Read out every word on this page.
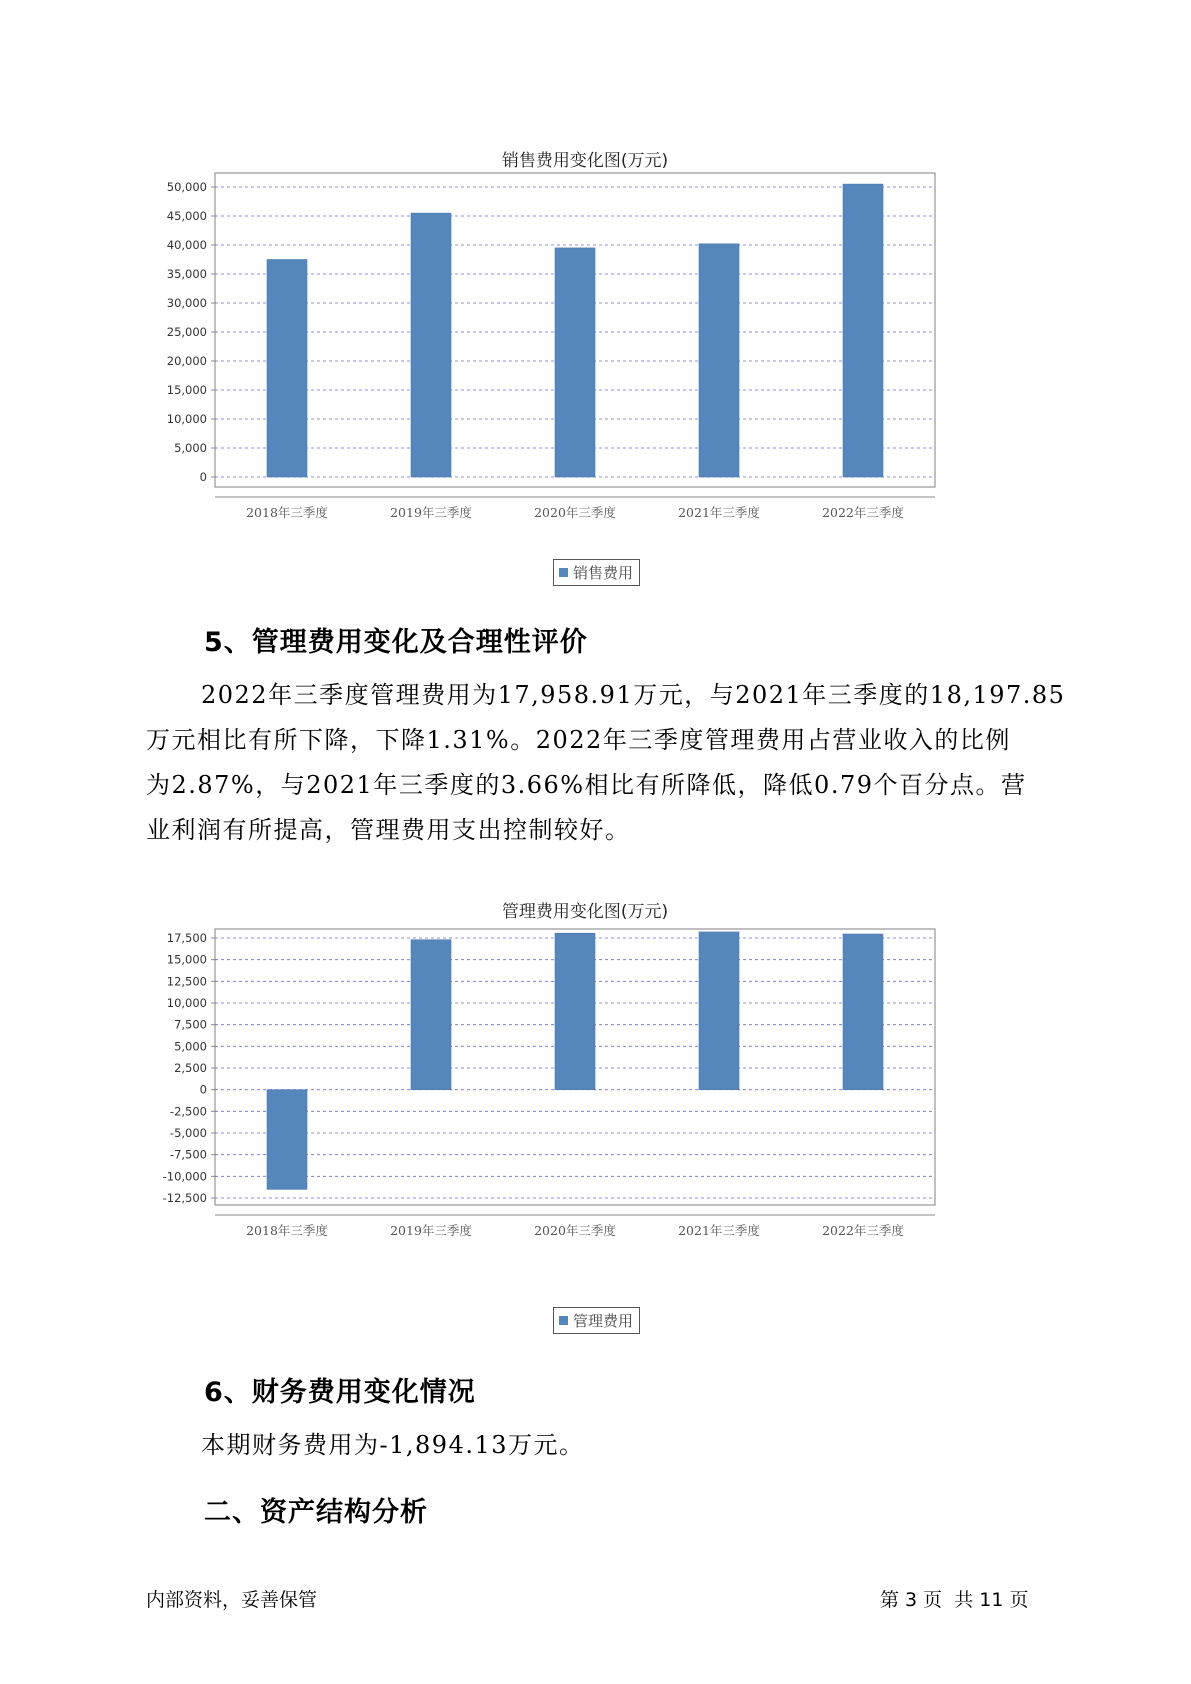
销售费用变化图(万元)
0
5,000
10,000
15,000
20,000
25,000
30,000
35,000
40,000
45,000
50,000
2018年三季度	2019年三季度	2020年三季度	2021年三季度	2022年三季度
销售费用
5、管理费用变化及合理性评价
2022年三季度管理费用为17,958.91万元，与2021年三季度的18,197.85
万元相比有所下降，下降1.31%。2022年三季度管理费用占营业收入的比例
为2.87%，与2021年三季度的3.66%相比有所降低，降低0.79个百分点。营
业利润有所提高，管理费用支出控制较好。
管理费用变化图(万元)
-12,500
-10,000
-7,500
-5,000
-2,500
0
2,500
5,000
7,500
10,000
12,500
15,000
17,500
2018年三季度	2019年三季度	2020年三季度	2021年三季度	2022年三季度
管理费用
6、财务费用变化情况
本期财务费用为-1,894.13万元。
二、资产结构分析
内部资料，妥善保管	第 3 页  共 11 页
